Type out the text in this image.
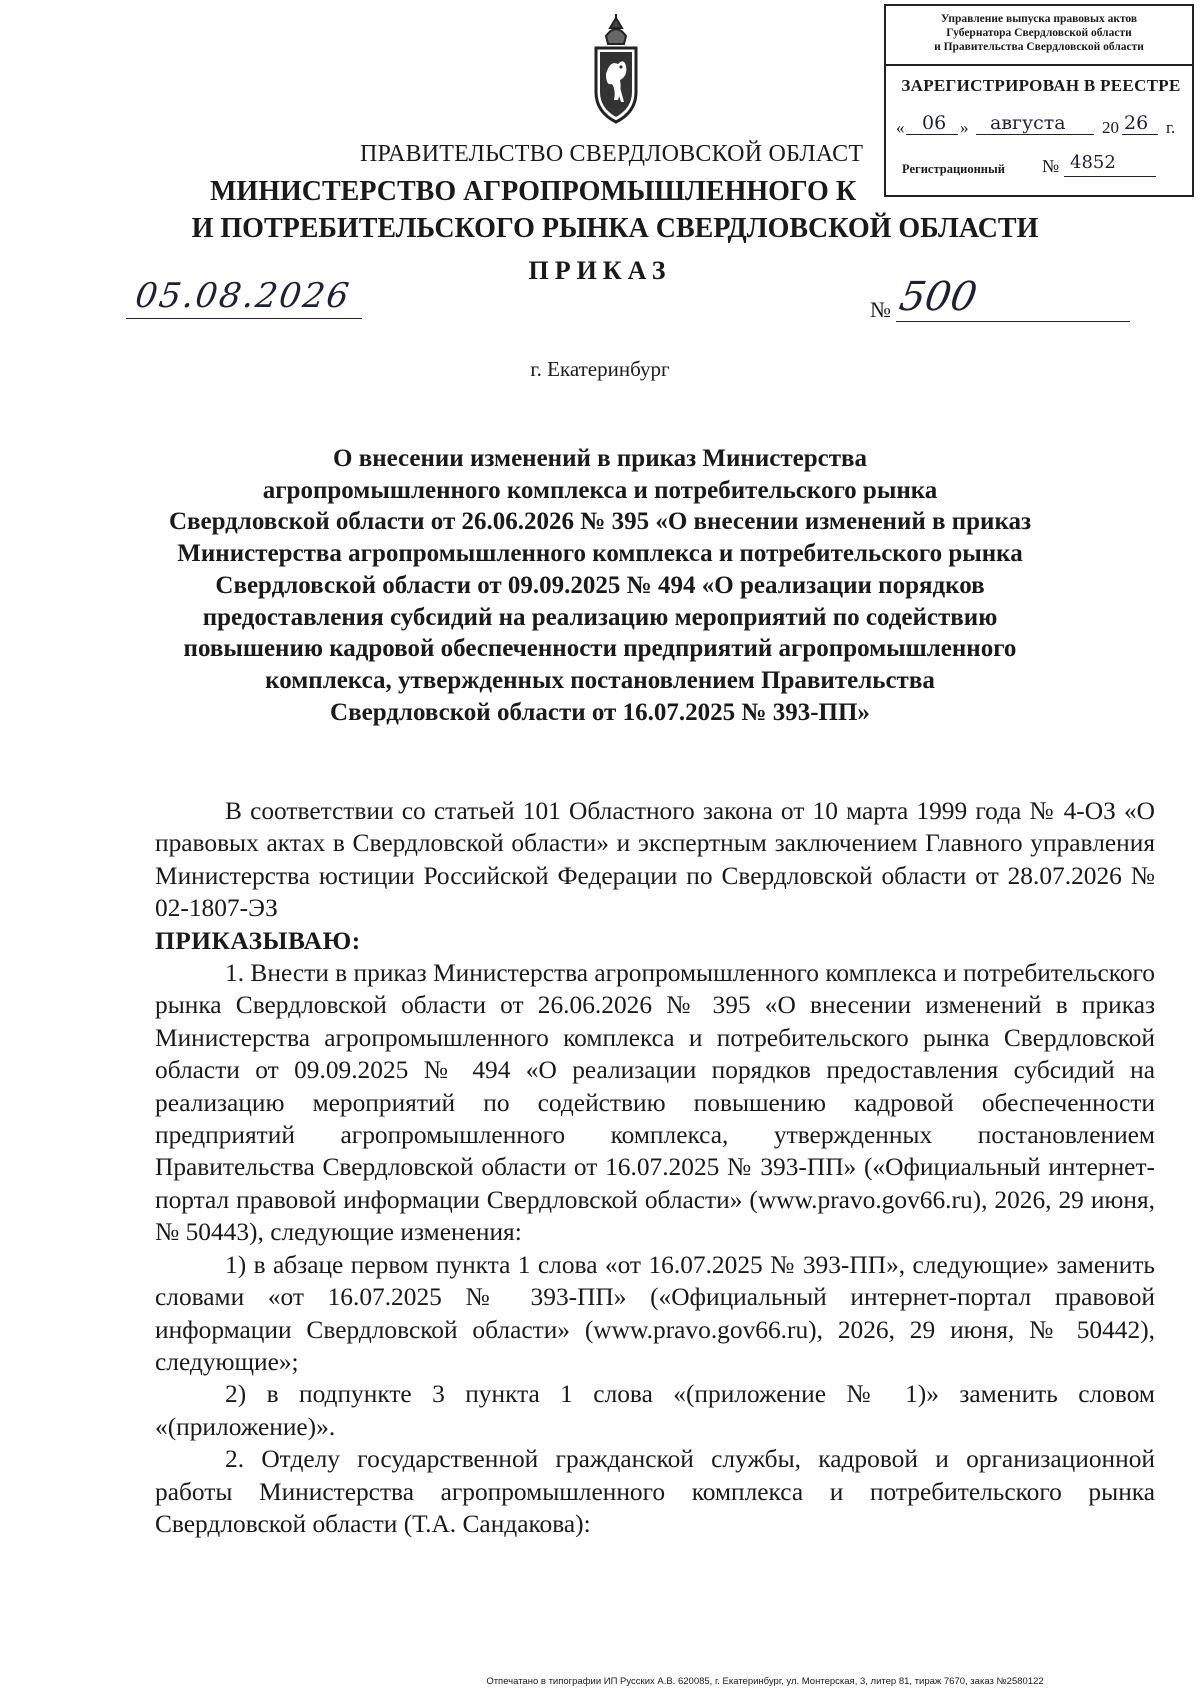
Управление выпуска правовых актов
Губернатора Свердловской области
и Правительства Свердловской области
ЗАРЕГИСТРИРОВАН В РЕЕСТРЕ
« 06 » августа 20 26 г.
Регистрационный № 4852
ПРАВИТЕЛЬСТВО СВЕРДЛОВСКОЙ ОБЛАСТ
МИНИСТЕРСТВО АГРОПРОМЫШЛЕННОГО К
И ПОТРЕБИТЕЛЬСКОГО РЫНКА СВЕРДЛОВСКОЙ ОБЛАСТИ
ПРИКАЗ
05.08.2026	№ 500
г. Екатеринбург
О внесении изменений в приказ Министерства
агропромышленного комплекса и потребительского рынка
Свердловской области от 26.06.2026 № 395 «О внесении изменений в приказ
Министерства агропромышленного комплекса и потребительского рынка
Свердловской области от 09.09.2025 № 494 «О реализации порядков
предоставления субсидий на реализацию мероприятий по содействию
повышению кадровой обеспеченности предприятий агропромышленного
комплекса, утвержденных постановлением Правительства
Свердловской области от 16.07.2025 № 393-ПП»

В соответствии со статьей 101 Областного закона от 10 марта 1999 года № 4-ОЗ «О правовых актах в Свердловской области» и экспертным заключением Главного управления Министерства юстиции Российской Федерации по Свердловской области от 28.07.2026 № 02-1807-ЭЗ

ПРИКАЗЫВАЮ:

1. Внести в приказ Министерства агропромышленного комплекса и потребительского рынка Свердловской области от 26.06.2026 № 395 «О внесении изменений в приказ Министерства агропромышленного комплекса и потребительского рынка Свердловской области от 09.09.2025 № 494 «О реализации порядков предоставления субсидий на реализацию мероприятий по содействию повышению кадровой обеспеченности предприятий агропромышленного комплекса, утвержденных постановлением Правительства Свердловской области от 16.07.2025 № 393-ПП» («Официальный интернет-портал правовой информации Свердловской области» (www.pravo.gov66.ru), 2026, 29 июня, № 50443), следующие изменения:

1) в абзаце первом пункта 1 слова «от 16.07.2025 № 393-ПП», следующие» заменить словами «от 16.07.2025 № 393-ПП» («Официальный интернет-портал правовой информации Свердловской области» (www.pravo.gov66.ru), 2026, 29 июня, № 50442), следующие»;

2) в подпункте 3 пункта 1 слова «(приложение № 1)» заменить словом «(приложение)».

2. Отделу государственной гражданской службы, кадровой и организационной работы Министерства агропромышленного комплекса и потребительского рынка Свердловской области (Т.А. Сандакова):

Отпечатано в типографии ИП Русских А.В. 620085, г. Екатеринбург, ул. Монтерская, 3, литер 81, тираж 7670, заказ №2580122
